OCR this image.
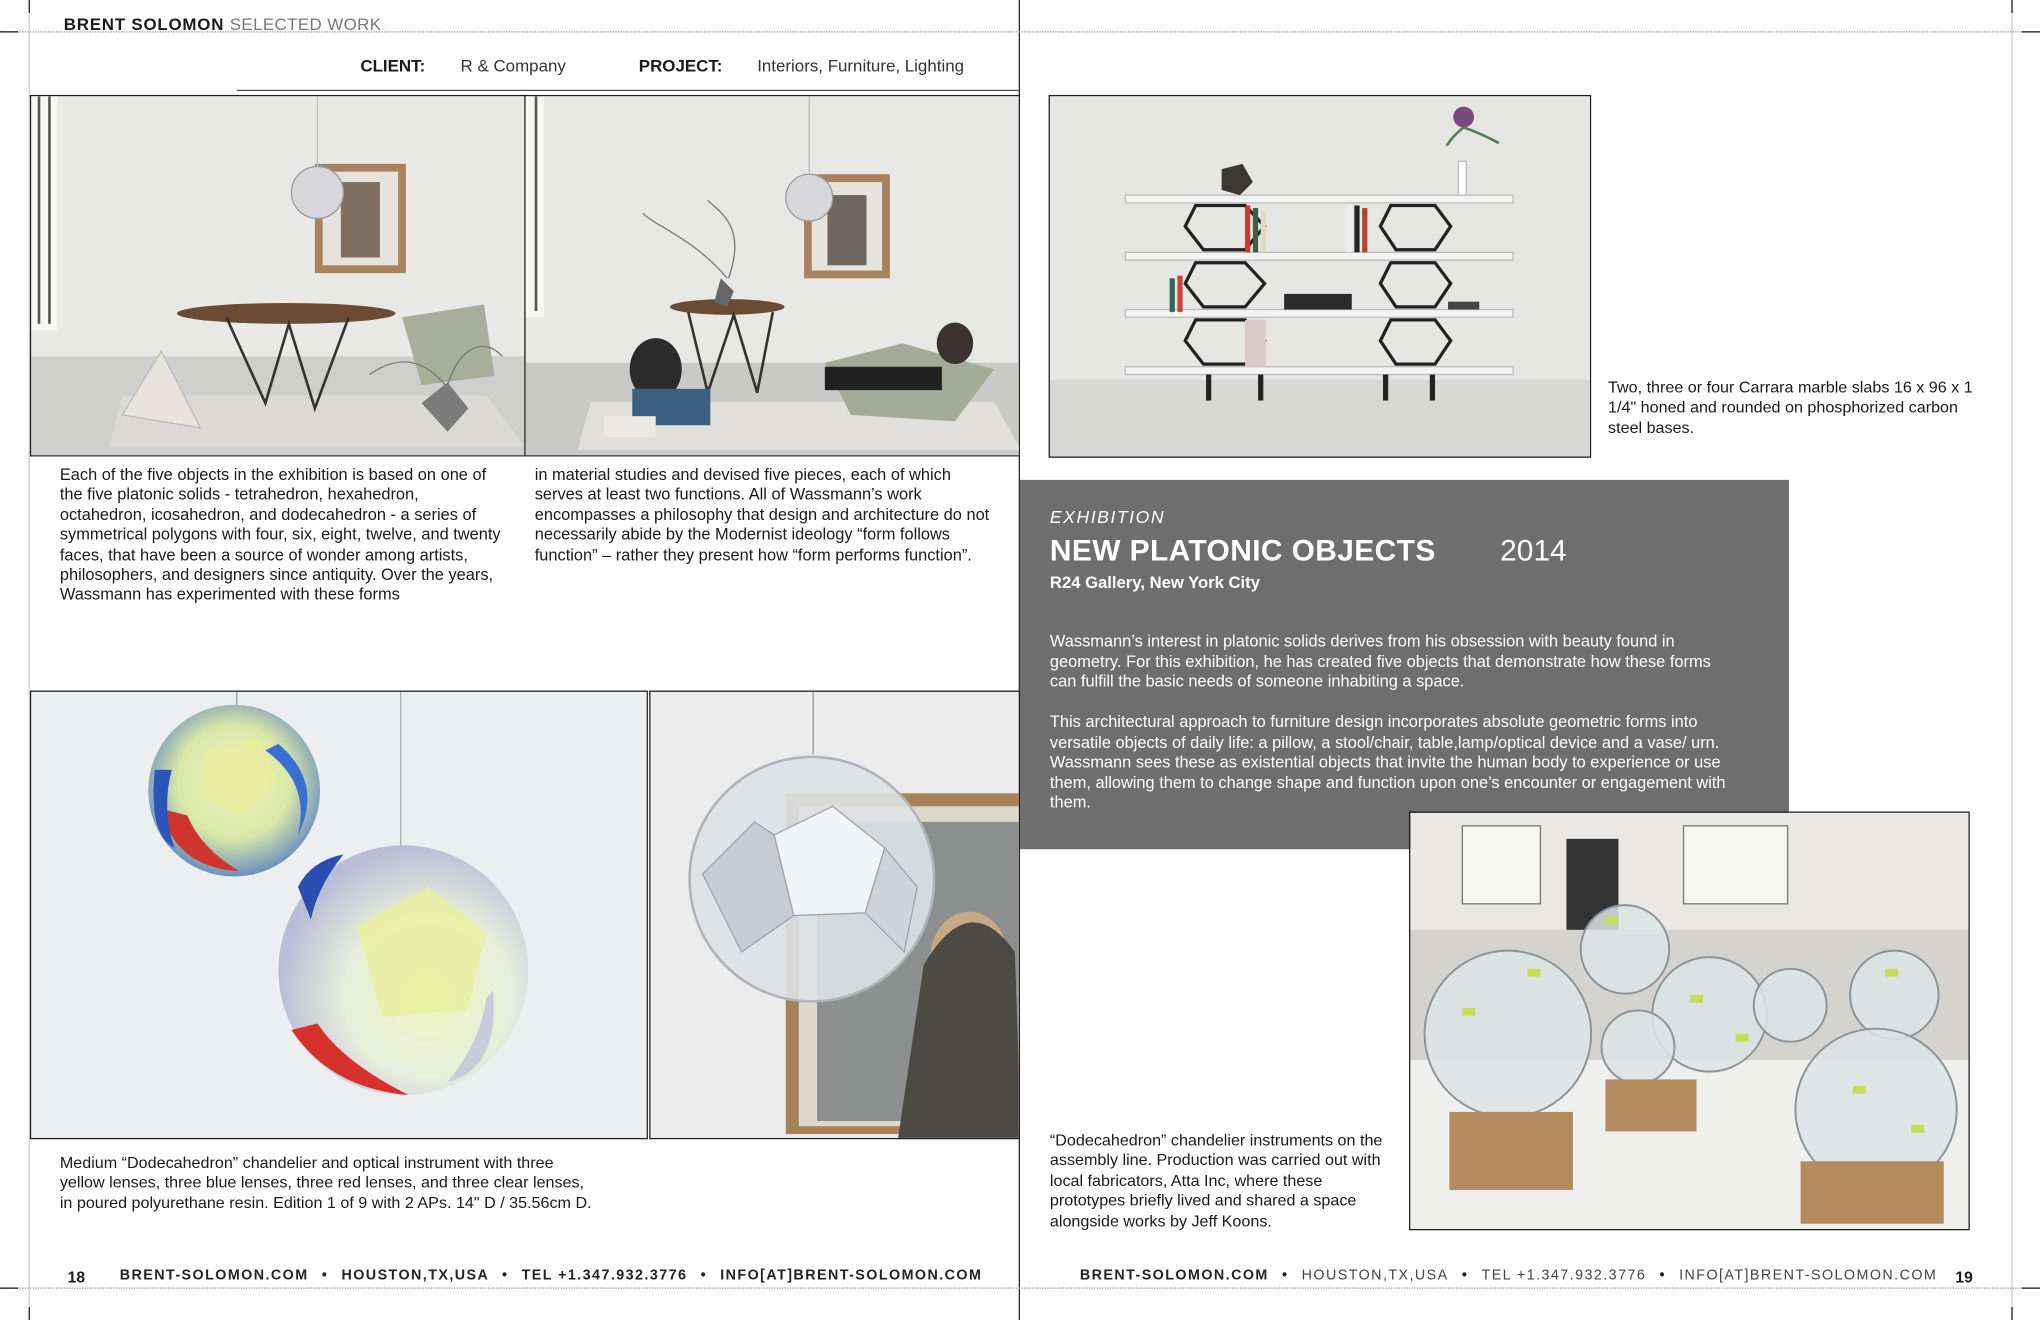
BRENT SOLOMON SELECTED WORK
CLIENT:	R & Company	PROJECT:	Interiors, Furniture, Lighting
Each of the five objects in the exhibition is based on one of the five platonic solids - tetrahedron, hexahedron, octahedron, icosahedron, and dodecahedron - a series of symmetrical polygons with four, six, eight, twelve, and twenty faces, that have been a source of wonder among artists, philosophers, and designers since antiquity. Over the years, Wassmann has experimented with these forms
in material studies and devised five pieces, each of which serves at least two functions. All of Wassmann’s work encompasses a philosophy that design and architecture do not necessarily abide by the Modernist ideology “form follows function” – rather they present how “form performs function”.
Medium “Dodecahedron” chandelier and optical instrument with three yellow lenses, three blue lenses, three red lenses, and three clear lenses, in poured polyurethane resin. Edition 1 of 9 with 2 APs. 14" D / 35.56cm D.
Two, three or four Carrara marble slabs 16 x 96 x 1 1/4" honed and rounded on phosphorized carbon steel bases.
EXHIBITION
NEW PLATONIC OBJECTS	2014
R24 Gallery, New York City
Wassmann’s interest in platonic solids derives from his obsession with beauty found in geometry. For this exhibition, he has created five objects that demonstrate how these forms can fulfill the basic needs of someone inhabiting a space.
This architectural approach to furniture design incorporates absolute geometric forms into versatile objects of daily life: a pillow, a stool/chair, table,lamp/optical device and a vase/ urn. Wassmann sees these as existential objects that invite the human body to experience or use them, allowing them to change shape and function upon one’s encounter or engagement with them.
“Dodecahedron” chandelier instruments on the assembly line. Production was carried out with local fabricators, Atta Inc, where these prototypes briefly lived and shared a space alongside works by Jeff Koons.
18	BRENT-SOLOMON.COM • HOUSTON,TX,USA • TEL +1.347.932.3776 • INFO[AT]BRENT-SOLOMON.COM	BRENT-SOLOMON.COM • HOUSTON,TX,USA • TEL +1.347.932.3776 • INFO[AT]BRENT-SOLOMON.COM 19
